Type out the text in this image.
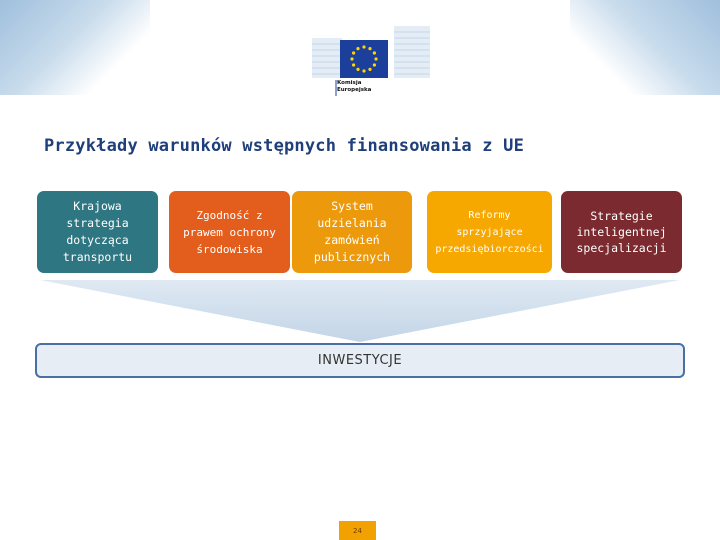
Komisja
Europejska
Przykłady warunków wstępnych finansowania z UE
Krajowa
strategia
dotycząca
transportu
Zgodność z
prawem ochrony
środowiska
System
udzielania
zamówień
publicznych
Reformy
sprzyjające
przedsiębiorczości
Strategie
inteligentnej
specjalizacji
INWESTYCJE
24
